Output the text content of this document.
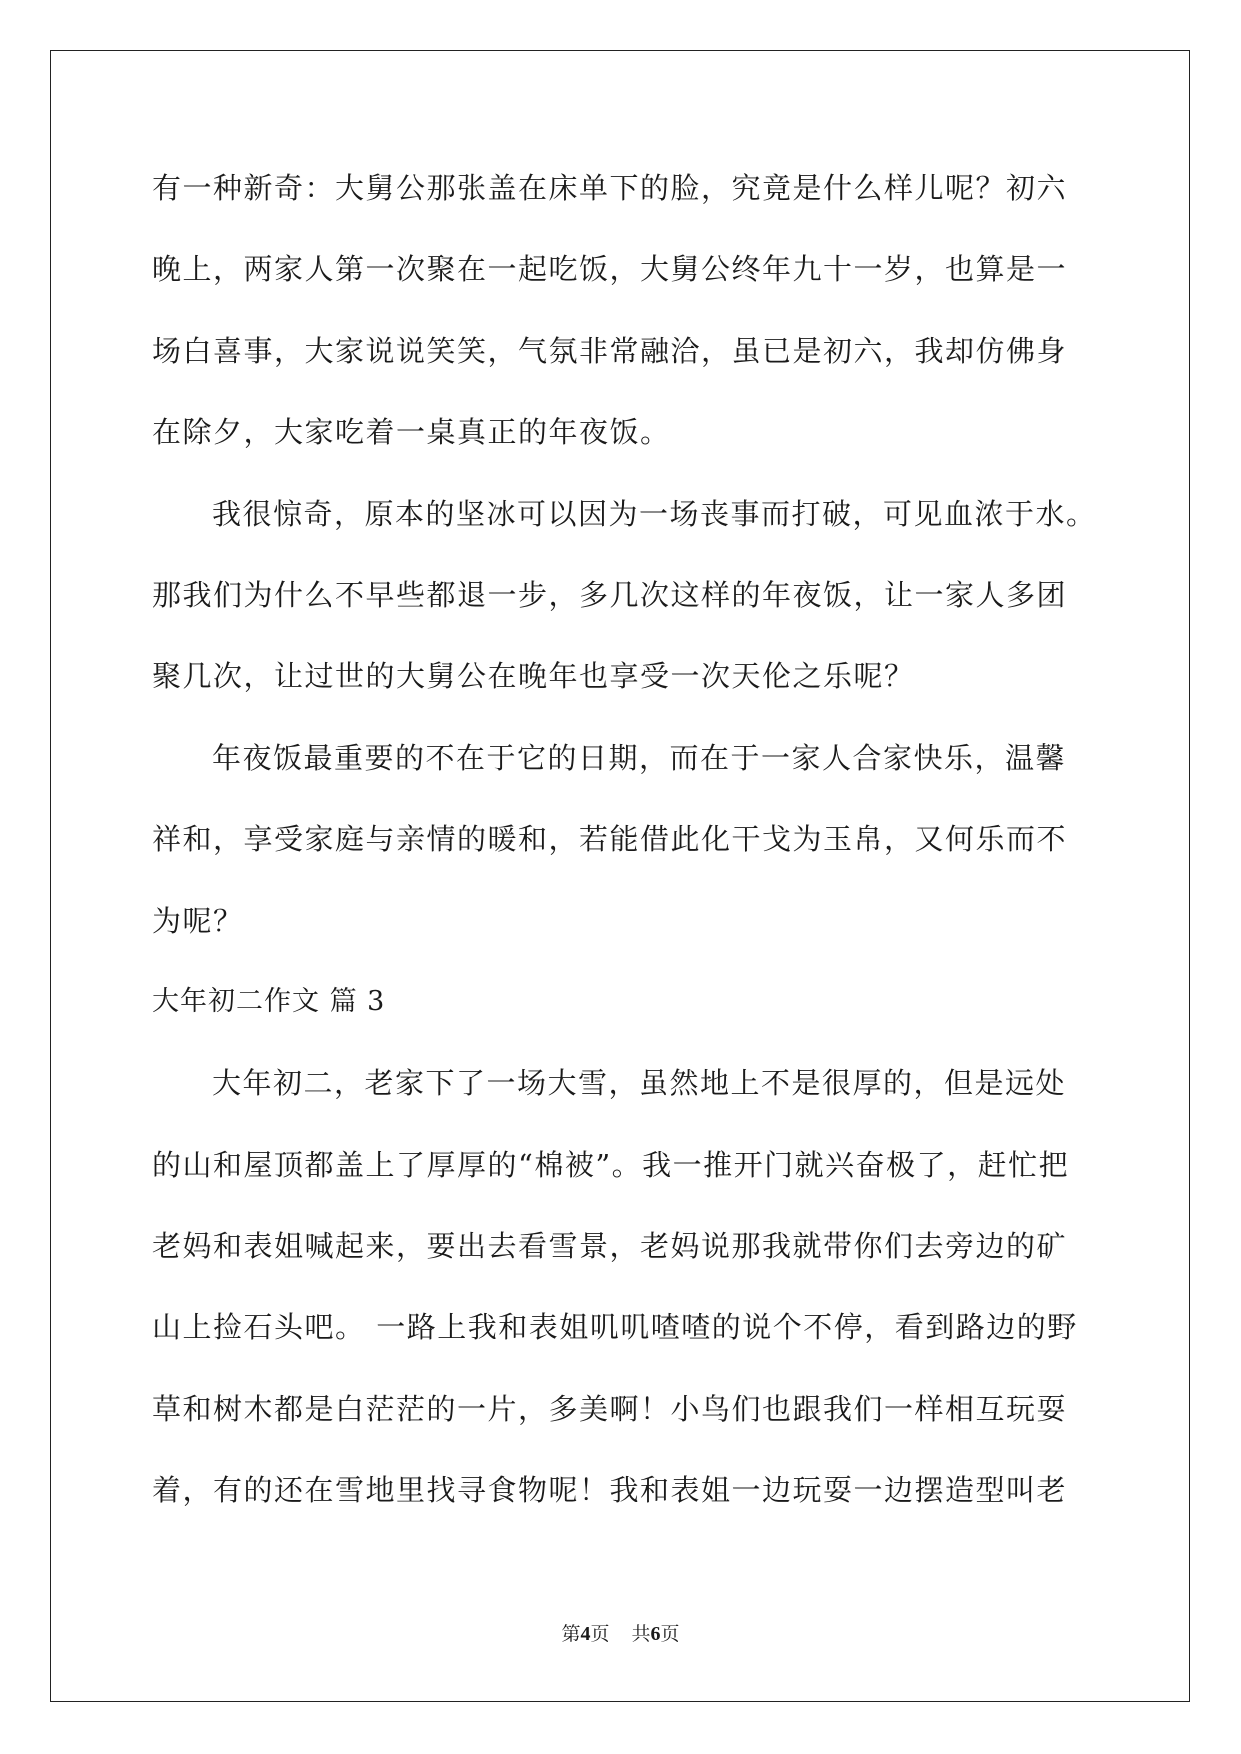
有一种新奇：大舅公那张盖在床单下的脸，究竟是什么样儿呢？初六
晚上，两家人第一次聚在一起吃饭，大舅公终年九十一岁，也算是一
场白喜事，大家说说笑笑，气氛非常融洽，虽已是初六，我却仿佛身
在除夕，大家吃着一桌真正的年夜饭。
我很惊奇，原本的坚冰可以因为一场丧事而打破，可见血浓于水。
那我们为什么不早些都退一步，多几次这样的年夜饭，让一家人多团
聚几次，让过世的大舅公在晚年也享受一次天伦之乐呢？
年夜饭最重要的不在于它的日期，而在于一家人合家快乐，温馨
祥和，享受家庭与亲情的暖和，若能借此化干戈为玉帛，又何乐而不
为呢？
大年初二作文 篇 3
大年初二，老家下了一场大雪，虽然地上不是很厚的，但是远处
的山和屋顶都盖上了厚厚的“棉被”。我一推开门就兴奋极了，赶忙把
老妈和表姐喊起来，要出去看雪景，老妈说那我就带你们去旁边的矿
山上捡石头吧。 一路上我和表姐叽叽喳喳的说个不停，看到路边的野
草和树木都是白茫茫的一片，多美啊！小鸟们也跟我们一样相互玩耍
着，有的还在雪地里找寻食物呢！我和表姐一边玩耍一边摆造型叫老
第4页 共6页
